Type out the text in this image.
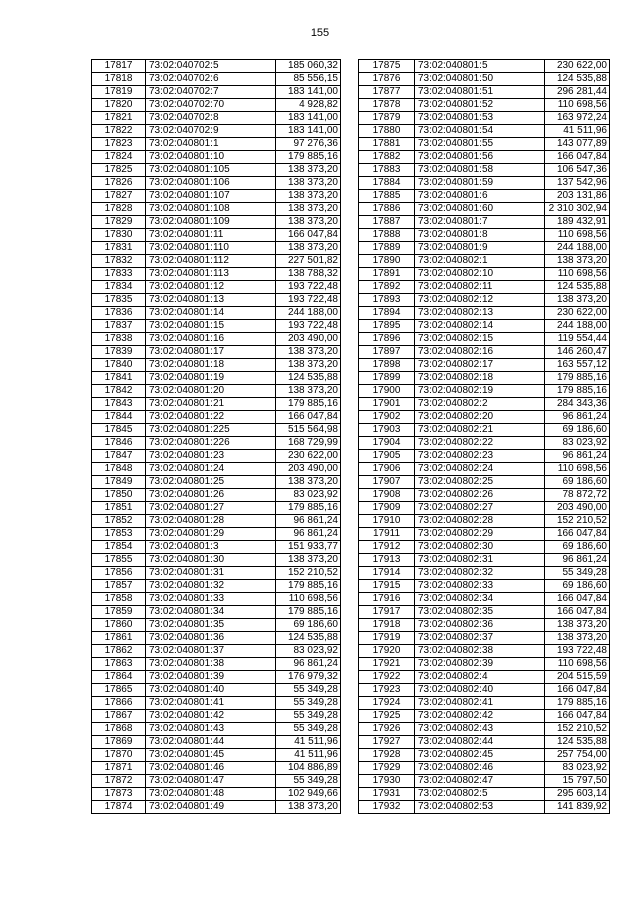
155
17817	73:02:040702:5	185 060,32
17818	73:02:040702:6	85 556,15
17819	73:02:040702:7	183 141,00
17820	73:02:040702:70	4 928,82
17821	73:02:040702:8	183 141,00
17822	73:02:040702:9	183 141,00
17823	73:02:040801:1	97 276,36
17824	73:02:040801:10	179 885,16
17825	73:02:040801:105	138 373,20
17826	73:02:040801:106	138 373,20
17827	73:02:040801:107	138 373,20
17828	73:02:040801:108	138 373,20
17829	73:02:040801:109	138 373,20
17830	73:02:040801:11	166 047,84
17831	73:02:040801:110	138 373,20
17832	73:02:040801:112	227 501,82
17833	73:02:040801:113	138 788,32
17834	73:02:040801:12	193 722,48
17835	73:02:040801:13	193 722,48
17836	73:02:040801:14	244 188,00
17837	73:02:040801:15	193 722,48
17838	73:02:040801:16	203 490,00
17839	73:02:040801:17	138 373,20
17840	73:02:040801:18	138 373,20
17841	73:02:040801:19	124 535,88
17842	73:02:040801:20	138 373,20
17843	73:02:040801:21	179 885,16
17844	73:02:040801:22	166 047,84
17845	73:02:040801:225	515 564,98
17846	73:02:040801:226	168 729,99
17847	73:02:040801:23	230 622,00
17848	73:02:040801:24	203 490,00
17849	73:02:040801:25	138 373,20
17850	73:02:040801:26	83 023,92
17851	73:02:040801:27	179 885,16
17852	73:02:040801:28	96 861,24
17853	73:02:040801:29	96 861,24
17854	73:02:040801:3	151 933,77
17855	73:02:040801:30	138 373,20
17856	73:02:040801:31	152 210,52
17857	73:02:040801:32	179 885,16
17858	73:02:040801:33	110 698,56
17859	73:02:040801:34	179 885,16
17860	73:02:040801:35	69 186,60
17861	73:02:040801:36	124 535,88
17862	73:02:040801:37	83 023,92
17863	73:02:040801:38	96 861,24
17864	73:02:040801:39	176 979,32
17865	73:02:040801:40	55 349,28
17866	73:02:040801:41	55 349,28
17867	73:02:040801:42	55 349,28
17868	73:02:040801:43	55 349,28
17869	73:02:040801:44	41 511,96
17870	73:02:040801:45	41 511,96
17871	73:02:040801:46	104 886,89
17872	73:02:040801:47	55 349,28
17873	73:02:040801:48	102 949,66
17874	73:02:040801:49	138 373,20
17875	73:02:040801:5	230 622,00
17876	73:02:040801:50	124 535,88
17877	73:02:040801:51	296 281,44
17878	73:02:040801:52	110 698,56
17879	73:02:040801:53	163 972,24
17880	73:02:040801:54	41 511,96
17881	73:02:040801:55	143 077,89
17882	73:02:040801:56	166 047,84
17883	73:02:040801:58	106 547,36
17884	73:02:040801:59	137 542,96
17885	73:02:040801:6	203 131,86
17886	73:02:040801:60	2 310 302,94
17887	73:02:040801:7	189 432,91
17888	73:02:040801:8	110 698,56
17889	73:02:040801:9	244 188,00
17890	73:02:040802:1	138 373,20
17891	73:02:040802:10	110 698,56
17892	73:02:040802:11	124 535,88
17893	73:02:040802:12	138 373,20
17894	73:02:040802:13	230 622,00
17895	73:02:040802:14	244 188,00
17896	73:02:040802:15	119 554,44
17897	73:02:040802:16	146 260,47
17898	73:02:040802:17	163 557,12
17899	73:02:040802:18	179 885,16
17900	73:02:040802:19	179 885,16
17901	73:02:040802:2	284 343,36
17902	73:02:040802:20	96 861,24
17903	73:02:040802:21	69 186,60
17904	73:02:040802:22	83 023,92
17905	73:02:040802:23	96 861,24
17906	73:02:040802:24	110 698,56
17907	73:02:040802:25	69 186,60
17908	73:02:040802:26	78 872,72
17909	73:02:040802:27	203 490,00
17910	73:02:040802:28	152 210,52
17911	73:02:040802:29	166 047,84
17912	73:02:040802:30	69 186,60
17913	73:02:040802:31	96 861,24
17914	73:02:040802:32	55 349,28
17915	73:02:040802:33	69 186,60
17916	73:02:040802:34	166 047,84
17917	73:02:040802:35	166 047,84
17918	73:02:040802:36	138 373,20
17919	73:02:040802:37	138 373,20
17920	73:02:040802:38	193 722,48
17921	73:02:040802:39	110 698,56
17922	73:02:040802:4	204 515,59
17923	73:02:040802:40	166 047,84
17924	73:02:040802:41	179 885,16
17925	73:02:040802:42	166 047,84
17926	73:02:040802:43	152 210,52
17927	73:02:040802:44	124 535,88
17928	73:02:040802:45	257 754,00
17929	73:02:040802:46	83 023,92
17930	73:02:040802:47	15 797,50
17931	73:02:040802:5	295 603,14
17932	73:02:040802:53	141 839,92
